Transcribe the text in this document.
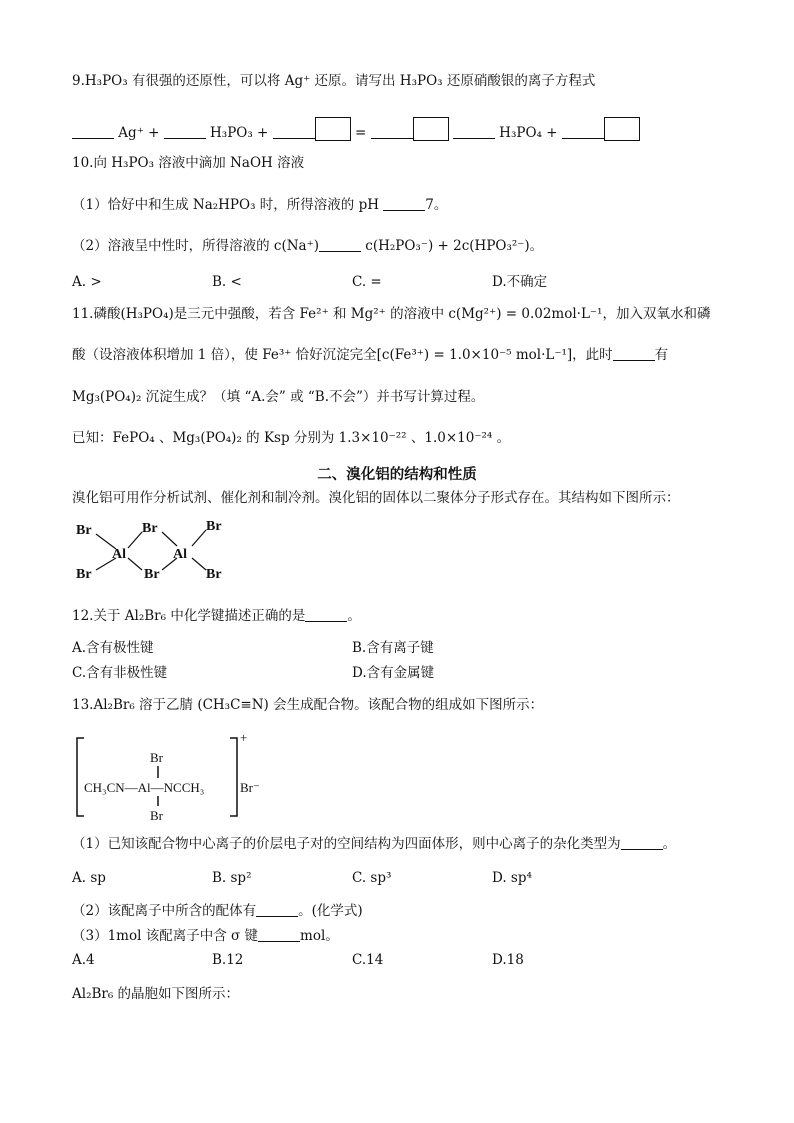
9.H₃PO₃ 有很强的还原性，可以将 Ag⁺ 还原。请写出 H₃PO₃ 还原硝酸银的离子方程式
Ag⁺ +	H₃PO₃ +	=	H₃PO₄ +
10.向 H₃PO₃ 溶液中滴加 NaOH 溶液
（1）恰好中和生成 Na₂HPO₃ 时，所得溶液的 pH	7。
（2）溶液呈中性时，所得溶液的 c(Na⁺)	c(H₂PO₃⁻) + 2c(HPO₃²⁻)。
A. >	B. <	C. =	D.不确定
11.磷酸(H₃PO₄)是三元中强酸，若含 Fe²⁺ 和 Mg²⁺ 的溶液中 c(Mg²⁺) = 0.02mol·L⁻¹，加入双氧水和磷
酸（设溶液体积增加 1 倍），使 Fe³⁺ 恰好沉淀完全[c(Fe³⁺) = 1.0×10⁻⁵ mol·L⁻¹]，此时	有
Mg₃(PO₄)₂ 沉淀生成？（填 “A.会” 或 “B.不会”）并书写计算过程。
已知：FePO₄ 、Mg₃(PO₄)₂ 的 Ksp 分别为 1.3×10⁻²² 、1.0×10⁻²⁴ 。
二、溴化铝的结构和性质
溴化铝可用作分析试剂、催化剂和制冷剂。溴化铝的固体以二聚体分子形式存在。其结构如下图所示：
Br
Br
Al
Br
Br
Al
Br
Br
12.关于 Al₂Br₆ 中化学键描述正确的是	。
A.含有极性键	B.含有离子键
C.含有非极性键	D.含有金属键
13.Al₂Br₆ 溶于乙腈 (CH₃C≡N) 会生成配合物。该配合物的组成如下图所示：
Br
CH₃CN—Al—NCCH₃
Br
+
Br⁻
（1）已知该配合物中心离子的价层电子对的空间结构为四面体形，则中心离子的杂化类型为	。
A. sp	B. sp²	C. sp³	D. sp⁴
（2）该配离子中所含的配体有	。(化学式)
（3）1mol 该配离子中含 σ 键	mol。
A.4	B.12	C.14	D.18
Al₂Br₆ 的晶胞如下图所示：
